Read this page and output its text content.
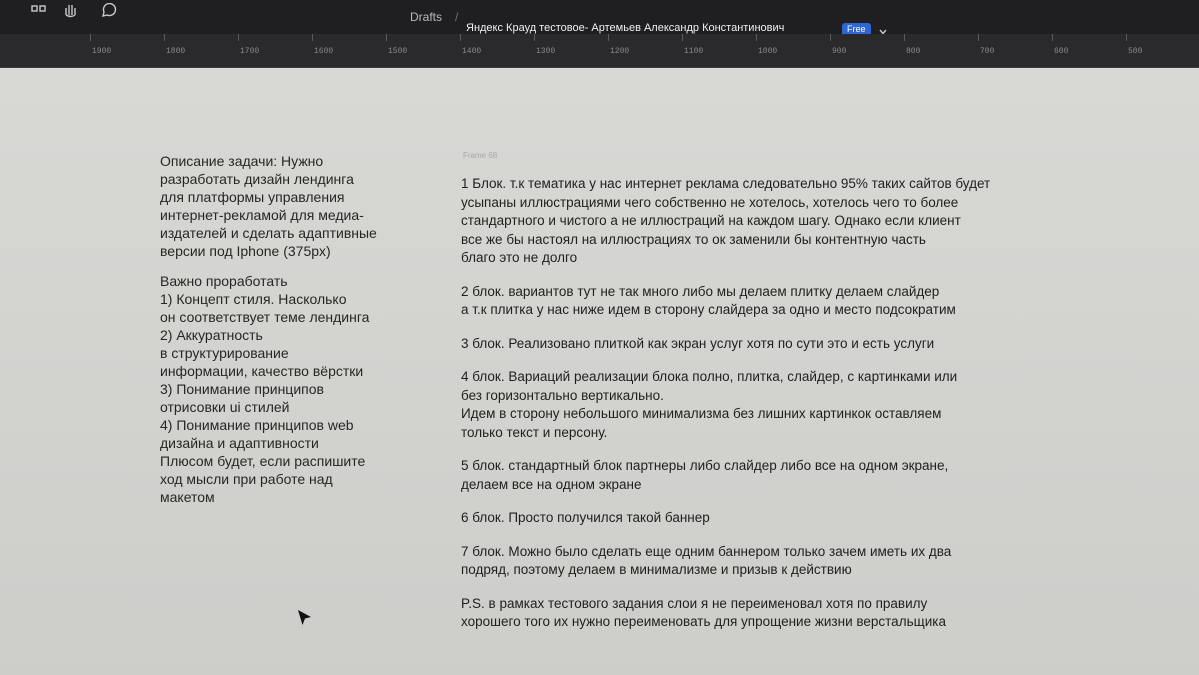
Drafts /
Яндекс Крауд тестовое- Артемьев Александр Константинович	Free
1900	1800	1700	1600	1500	1400	1300	1200	1100	1000	900	800	700	600	500
Frame 68

Описание задачи: Нужно
разработать дизайн лендинга
для платформы управления
интернет-рекламой для медиа-
издателей и сделать адаптивные
версии под Iphone (375px)

Важно проработать
1) Концепт стиля. Насколько
он соответствует теме лендинга
2) Аккуратность
в структурирование
информации, качество вёрстки
3) Понимание принципов
отрисовки ui стилей
4) Понимание принципов web
дизайна и адаптивности
Плюсом будет, если распишите
ход мысли при работе над
макетом

1 Блок. т.к тематика у нас интернет реклама следовательно 95% таких сайтов будет
усыпаны иллюстрациями чего собственно не хотелось, хотелось чего то более
стандартного и чистого а не иллюстраций на каждом шагу. Однако если клиент
все же бы настоял на иллюстрациях то ок заменили бы контентную часть
благо это не долго

2 блок. вариантов тут не так много либо мы делаем плитку делаем слайдер
а т.к плитка у нас ниже идем в сторону слайдера за одно и место подсократим

3 блок. Реализовано плиткой как экран услуг хотя по сути это и есть услуги

4 блок. Вариаций реализации блока полно, плитка, слайдер, с картинками или
без горизонтально вертикально.
Идем в сторону небольшого минимализма без лишних картинкок оставляем
только текст и персону.

5 блок. стандартный блок партнеры либо слайдер либо все на одном экране,
делаем все на одном экране

6 блок. Просто получился такой баннер

7 блок. Можно было сделать еще одним баннером только зачем иметь их два
подряд, поэтому делаем в минимализме и призыв к действию

P.S. в рамках тестового задания слои я не переименовал хотя по правилу
хорошего того их нужно переименовать для упрощение жизни верстальщика
